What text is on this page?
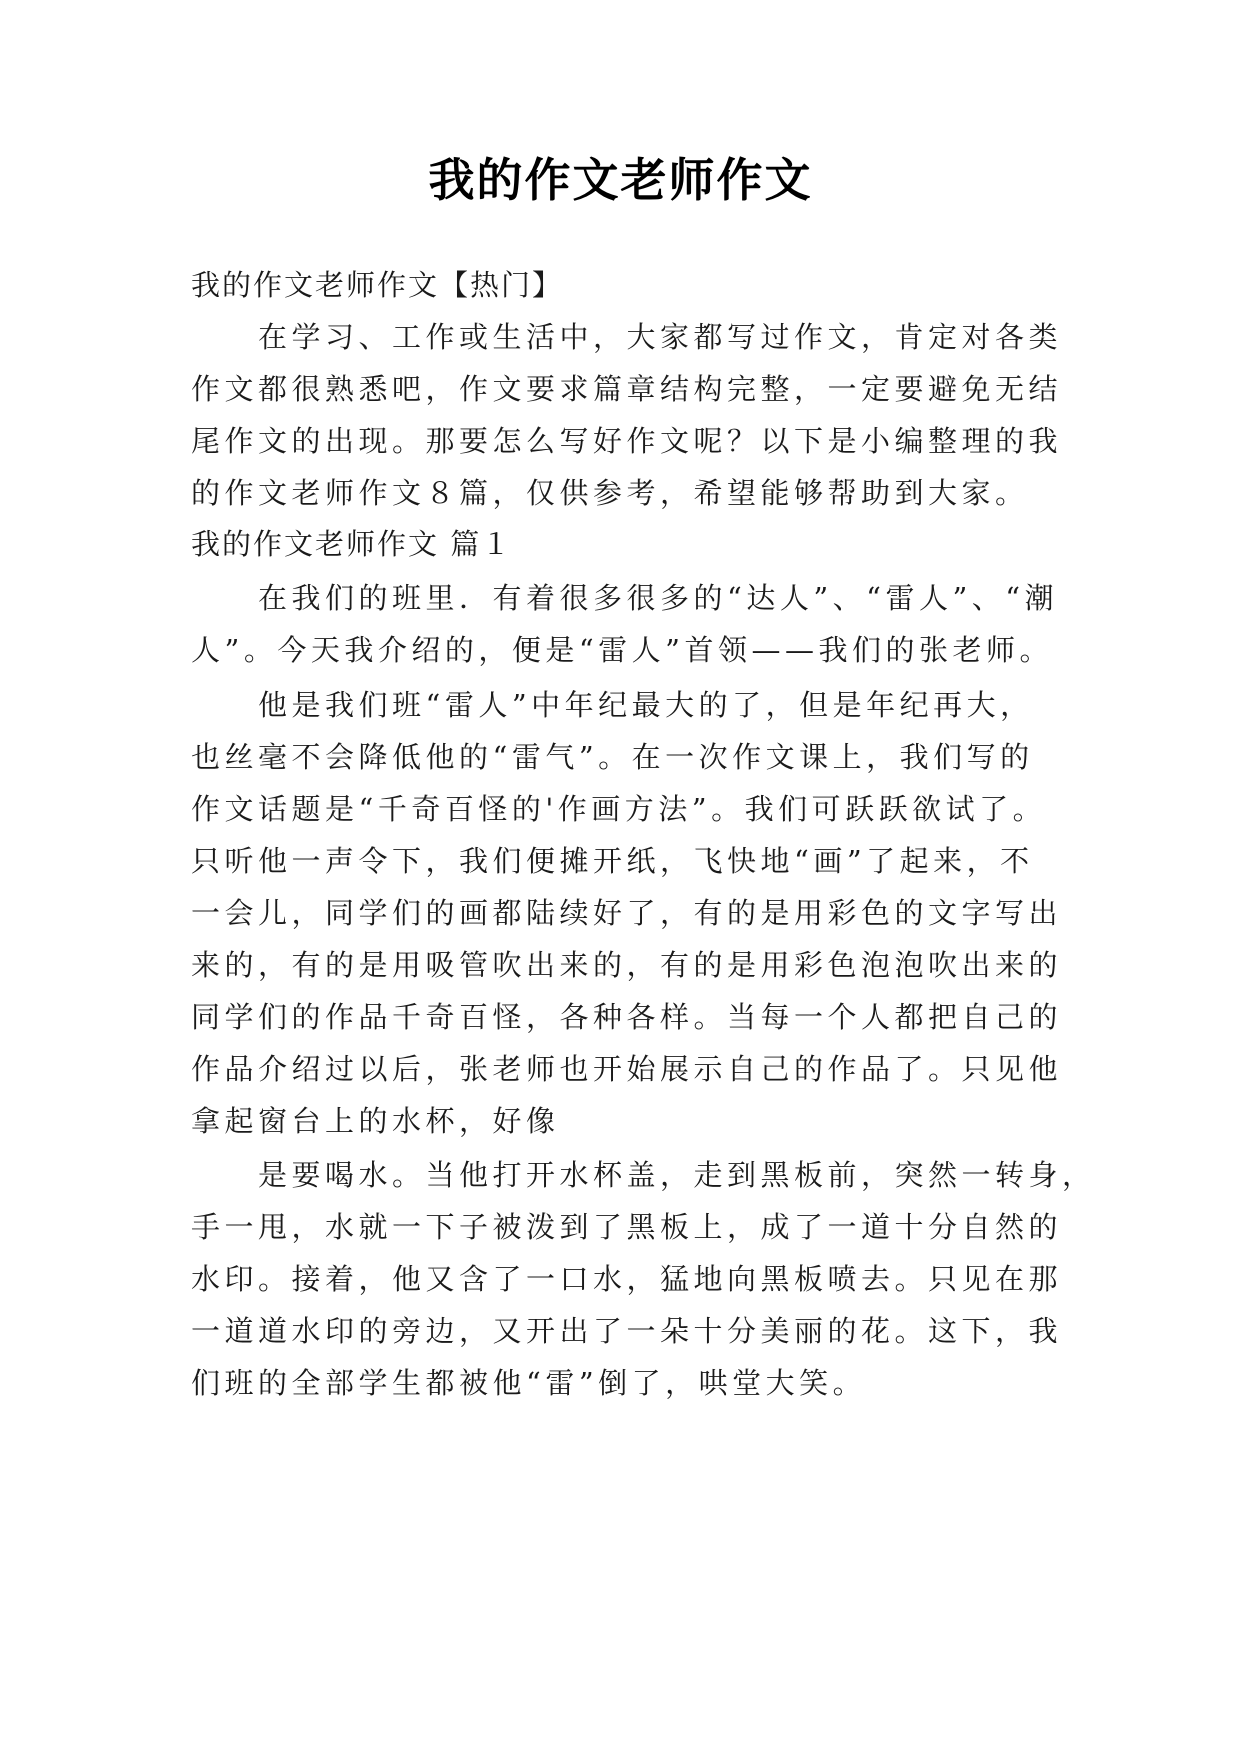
我的作文老师作文
我的作文老师作文【热门】
在学习、工作或生活中，大家都写过作文，肯定对各类
作文都很熟悉吧，作文要求篇章结构完整，一定要避免无结
尾作文的出现。那要怎么写好作文呢？以下是小编整理的我
的作文老师作文８篇，仅供参考，希望能够帮助到大家。
我的作文老师作文 篇１
在我们的班里．有着很多很多的“达人”、“雷人”、“潮
人”。今天我介绍的，便是“雷人”首领——我们的张老师。
他是我们班“雷人”中年纪最大的了，但是年纪再大，
也丝毫不会降低他的“雷气”。在一次作文课上，我们写的
作文话题是“千奇百怪的'作画方法”。我们可跃跃欲试了。
只听他一声令下，我们便摊开纸，飞快地“画”了起来，不
一会儿，同学们的画都陆续好了，有的是用彩色的文字写出
来的，有的是用吸管吹出来的，有的是用彩色泡泡吹出来的
同学们的作品千奇百怪，各种各样。当每一个人都把自己的
作品介绍过以后，张老师也开始展示自己的作品了。只见他
拿起窗台上的水杯，好像
是要喝水。当他打开水杯盖，走到黑板前，突然一转身，
手一甩，水就一下子被泼到了黑板上，成了一道十分自然的
水印。接着，他又含了一口水，猛地向黑板喷去。只见在那
一道道水印的旁边，又开出了一朵十分美丽的花。这下，我
们班的全部学生都被他“雷”倒了，哄堂大笑。
